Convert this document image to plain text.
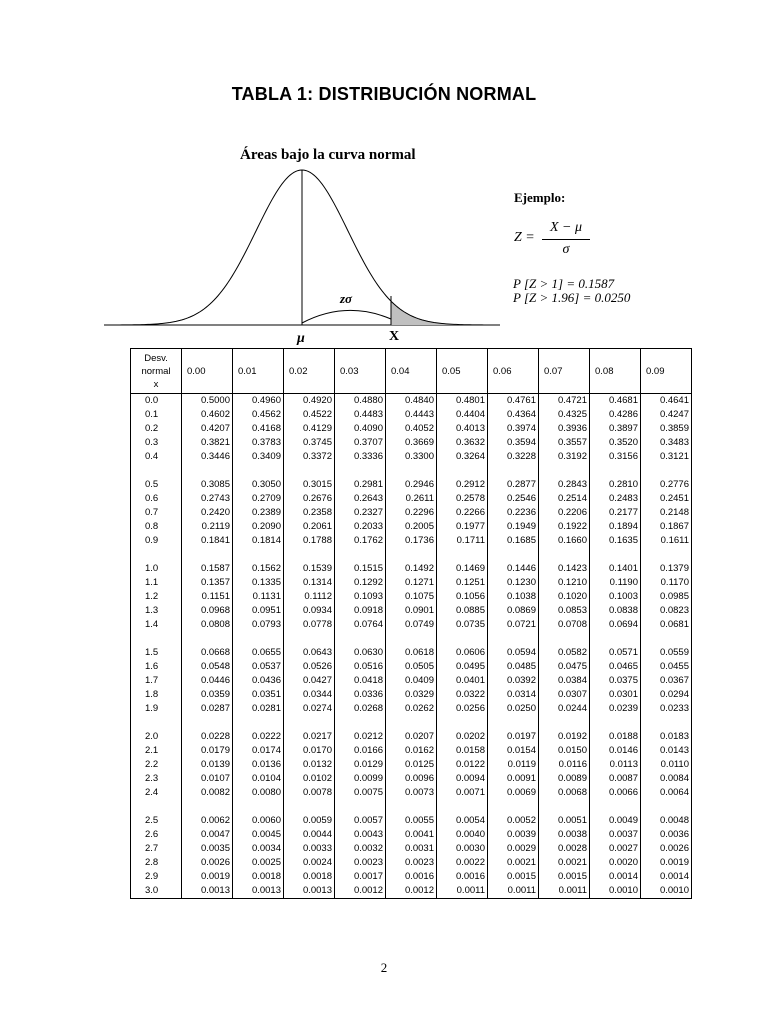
TABLA 1: DISTRIBUCIÓN NORMAL
Áreas bajo la curva normal
zσ
μ	X
Ejemplo:
Z =
X − μ
σ
P [Z > 1] = 0.1587
P [Z > 1.96] = 0.0250
Desv.
normal
x	0.00	0.01	0.02	0.03	0.04	0.05	0.06	0.07	0.08	0.09
0.0	0.5000	0.4960	0.4920	0.4880	0.4840	0.4801	0.4761	0.4721	0.4681	0.4641
0.1	0.4602	0.4562	0.4522	0.4483	0.4443	0.4404	0.4364	0.4325	0.4286	0.4247
0.2	0.4207	0.4168	0.4129	0.4090	0.4052	0.4013	0.3974	0.3936	0.3897	0.3859
0.3	0.3821	0.3783	0.3745	0.3707	0.3669	0.3632	0.3594	0.3557	0.3520	0.3483
0.4	0.3446	0.3409	0.3372	0.3336	0.3300	0.3264	0.3228	0.3192	0.3156	0.3121

0.5	0.3085	0.3050	0.3015	0.2981	0.2946	0.2912	0.2877	0.2843	0.2810	0.2776
0.6	0.2743	0.2709	0.2676	0.2643	0.2611	0.2578	0.2546	0.2514	0.2483	0.2451
0.7	0.2420	0.2389	0.2358	0.2327	0.2296	0.2266	0.2236	0.2206	0.2177	0.2148
0.8	0.2119	0.2090	0.2061	0.2033	0.2005	0.1977	0.1949	0.1922	0.1894	0.1867
0.9	0.1841	0.1814	0.1788	0.1762	0.1736	0.1711	0.1685	0.1660	0.1635	0.1611

1.0	0.1587	0.1562	0.1539	0.1515	0.1492	0.1469	0.1446	0.1423	0.1401	0.1379
1.1	0.1357	0.1335	0.1314	0.1292	0.1271	0.1251	0.1230	0.1210	0.1190	0.1170
1.2	0.1151	0.1131	0.1112	0.1093	0.1075	0.1056	0.1038	0.1020	0.1003	0.0985
1.3	0.0968	0.0951	0.0934	0.0918	0.0901	0.0885	0.0869	0.0853	0.0838	0.0823
1.4	0.0808	0.0793	0.0778	0.0764	0.0749	0.0735	0.0721	0.0708	0.0694	0.0681

1.5	0.0668	0.0655	0.0643	0.0630	0.0618	0.0606	0.0594	0.0582	0.0571	0.0559
1.6	0.0548	0.0537	0.0526	0.0516	0.0505	0.0495	0.0485	0.0475	0.0465	0.0455
1.7	0.0446	0.0436	0.0427	0.0418	0.0409	0.0401	0.0392	0.0384	0.0375	0.0367
1.8	0.0359	0.0351	0.0344	0.0336	0.0329	0.0322	0.0314	0.0307	0.0301	0.0294
1.9	0.0287	0.0281	0.0274	0.0268	0.0262	0.0256	0.0250	0.0244	0.0239	0.0233

2.0	0.0228	0.0222	0.0217	0.0212	0.0207	0.0202	0.0197	0.0192	0.0188	0.0183
2.1	0.0179	0.0174	0.0170	0.0166	0.0162	0.0158	0.0154	0.0150	0.0146	0.0143
2.2	0.0139	0.0136	0.0132	0.0129	0.0125	0.0122	0.0119	0.0116	0.0113	0.0110
2.3	0.0107	0.0104	0.0102	0.0099	0.0096	0.0094	0.0091	0.0089	0.0087	0.0084
2.4	0.0082	0.0080	0.0078	0.0075	0.0073	0.0071	0.0069	0.0068	0.0066	0.0064

2.5	0.0062	0.0060	0.0059	0.0057	0.0055	0.0054	0.0052	0.0051	0.0049	0.0048
2.6	0.0047	0.0045	0.0044	0.0043	0.0041	0.0040	0.0039	0.0038	0.0037	0.0036
2.7	0.0035	0.0034	0.0033	0.0032	0.0031	0.0030	0.0029	0.0028	0.0027	0.0026
2.8	0.0026	0.0025	0.0024	0.0023	0.0023	0.0022	0.0021	0.0021	0.0020	0.0019
2.9	0.0019	0.0018	0.0018	0.0017	0.0016	0.0016	0.0015	0.0015	0.0014	0.0014
3.0	0.0013	0.0013	0.0013	0.0012	0.0012	0.0011	0.0011	0.0011	0.0010	0.0010
2
